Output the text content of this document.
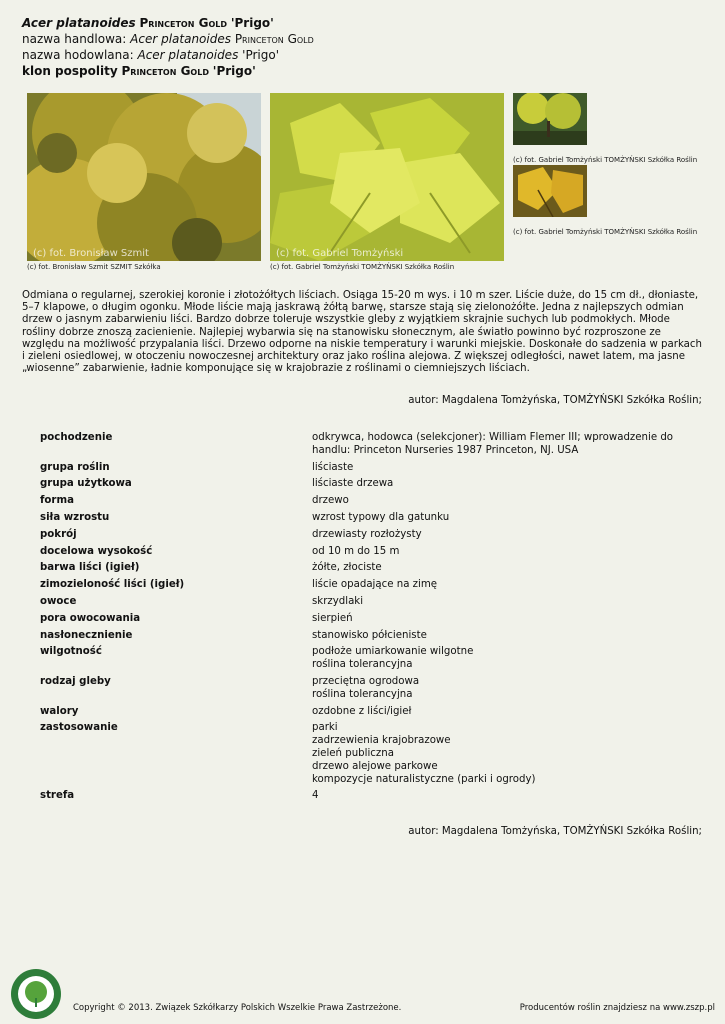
Acer platanoides Princeton Gold 'Prigo'
nazwa handlowa: Acer platanoides Princeton Gold
nazwa hodowlana: Acer platanoides 'Prigo'
klon pospolity Princeton Gold 'Prigo'
(c) fot. Bronisław Szmit
(c) fot. Bronisław Szmit SZMIT Szkółka
(c) fot. Gabriel Tomżyński
(c) fot. Gabriel Tomżyński TOMŻYŃSKI Szkółka Roślin
(c) fot. Gabriel Tomżyński TOMŻYŃSKI Szkółka Roślin
(c) fot. Gabriel Tomżyński TOMŻYŃSKI Szkółka Roślin
Odmiana o regularnej, szerokiej koronie i złotożółtych liściach. Osiąga 15-20 m wys. i 10 m szer. Liście duże, do 15 cm dł., dłoniaste, 5–7 klapowe, o długim ogonku. Młode liście mają jaskrawą żółtą barwę, starsze stają się zielonożółte. Jedna z najlepszych odmian drzew o jasnym zabarwieniu liści. Bardzo dobrze toleruje wszystkie gleby z wyjątkiem skrajnie suchych lub podmokłych. Młode rośliny dobrze znoszą zacienienie. Najlepiej wybarwia się na stanowisku słonecznym, ale światło powinno być rozproszone ze względu na możliwość przypalania liści. Drzewo odporne na niskie temperatury i warunki miejskie. Doskonałe do sadzenia w parkach i zieleni osiedlowej, w otoczeniu nowoczesnej architektury oraz jako roślina alejowa. Z większej odległości, nawet latem, ma jasne „wiosenne” zabarwienie, ładnie komponujące się w krajobrazie z roślinami o ciemniejszych liściach.
autor: Magdalena Tomżyńska, TOMŻYŃSKI Szkółka Roślin;
pochodzenie	odkrywca, hodowca (selekcjoner): William Flemer III; wprowadzenie do handlu: Princeton Nurseries 1987 Princeton, NJ. USA
grupa roślin	liściaste
grupa użytkowa	liściaste drzewa
forma	drzewo
siła wzrostu	wzrost typowy dla gatunku
pokrój	drzewiasty rozłożysty
docelowa wysokość	od 10 m do 15 m
barwa liści (igieł)	żółte, złociste
zimozieloność liści (igieł)	liście opadające na zimę
owoce	skrzydlaki
pora owocowania	sierpień
nasłonecznienie	stanowisko półcieniste
wilgotność	podłoże umiarkowanie wilgotne
roślina tolerancyjna
rodzaj gleby	przeciętna ogrodowa
roślina tolerancyjna
walory	ozdobne z liści/igieł
zastosowanie	parki
zadrzewienia krajobrazowe
zieleń publiczna
drzewo alejowe parkowe
kompozycje naturalistyczne (parki i ogrody)
strefa	4
autor: Magdalena Tomżyńska, TOMŻYŃSKI Szkółka Roślin;
Copyright © 2013. Związek Szkółkarzy Polskich Wszelkie Prawa Zastrzeżone.	Producentów roślin znajdziesz na www.zszp.pl
